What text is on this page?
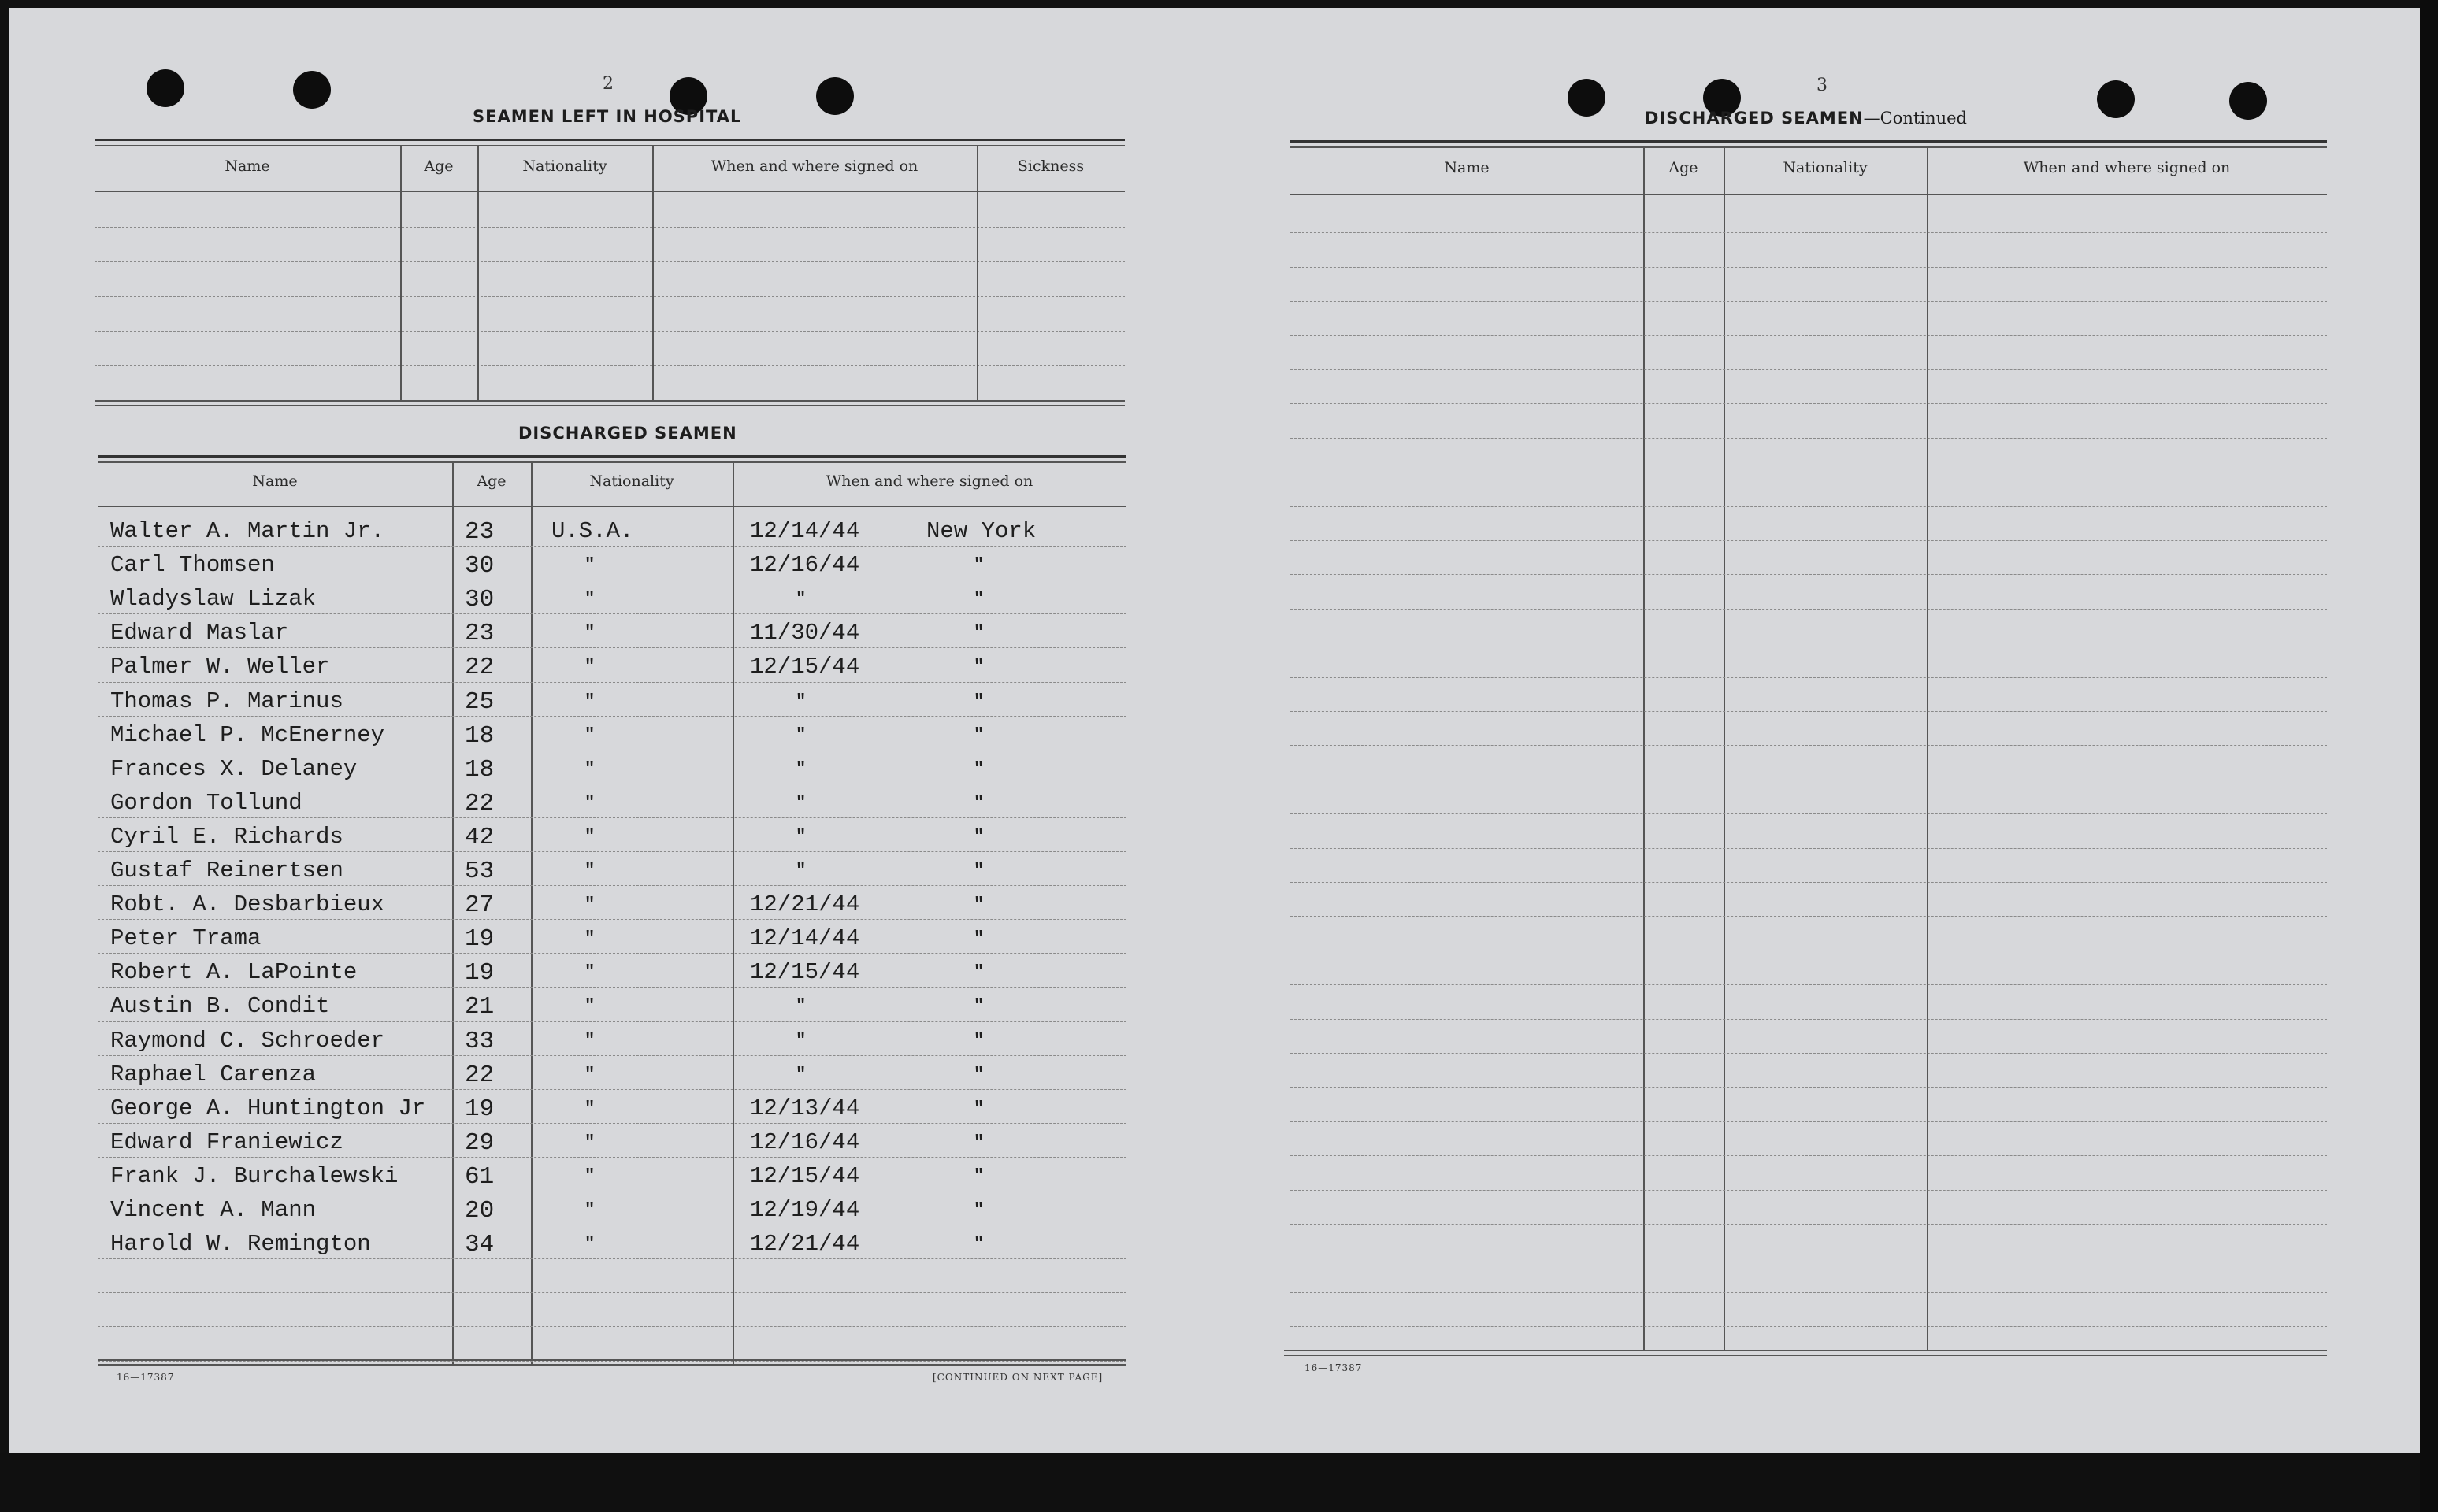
2
SEAMEN LEFT IN HOSPITAL
Name	Age	Nationality	When and where signed on	Sickness
DISCHARGED SEAMEN
Name	Age	Nationality	When and where signed on
Walter A. Martin Jr.	23	U.S.A.	12/14/44	New York
Carl Thomsen	30	"	12/16/44	"
Wladyslaw Lizak	30	"	"	"
Edward Maslar	23	"	11/30/44	"
Palmer W. Weller	22	"	12/15/44	"
Thomas P. Marinus	25	"	"	"
Michael P. McEnerney	18	"	"	"
Frances X. Delaney	18	"	"	"
Gordon Tollund	22	"	"	"
Cyril E. Richards	42	"	"	"
Gustaf Reinertsen	53	"	"	"
Robt. A. Desbarbieux	27	"	12/21/44	"
Peter Trama	19	"	12/14/44	"
Robert A. LaPointe	19	"	12/15/44	"
Austin B. Condit	21	"	"	"
Raymond C. Schroeder	33	"	"	"
Raphael Carenza	22	"	"	"
George A. Huntington Jr 19	"	12/13/44	"
Edward Franiewicz	29	"	12/16/44	"
Frank J. Burchalewski	61	"	12/15/44	"
Vincent A. Mann	20	"	12/19/44	"
Harold W. Remington	34	"	12/21/44	"
16—17387	[CONTINUED ON NEXT PAGE]
3
DISCHARGED SEAMEN—Continued
Name	Age	Nationality	When and where signed on
16—17387
